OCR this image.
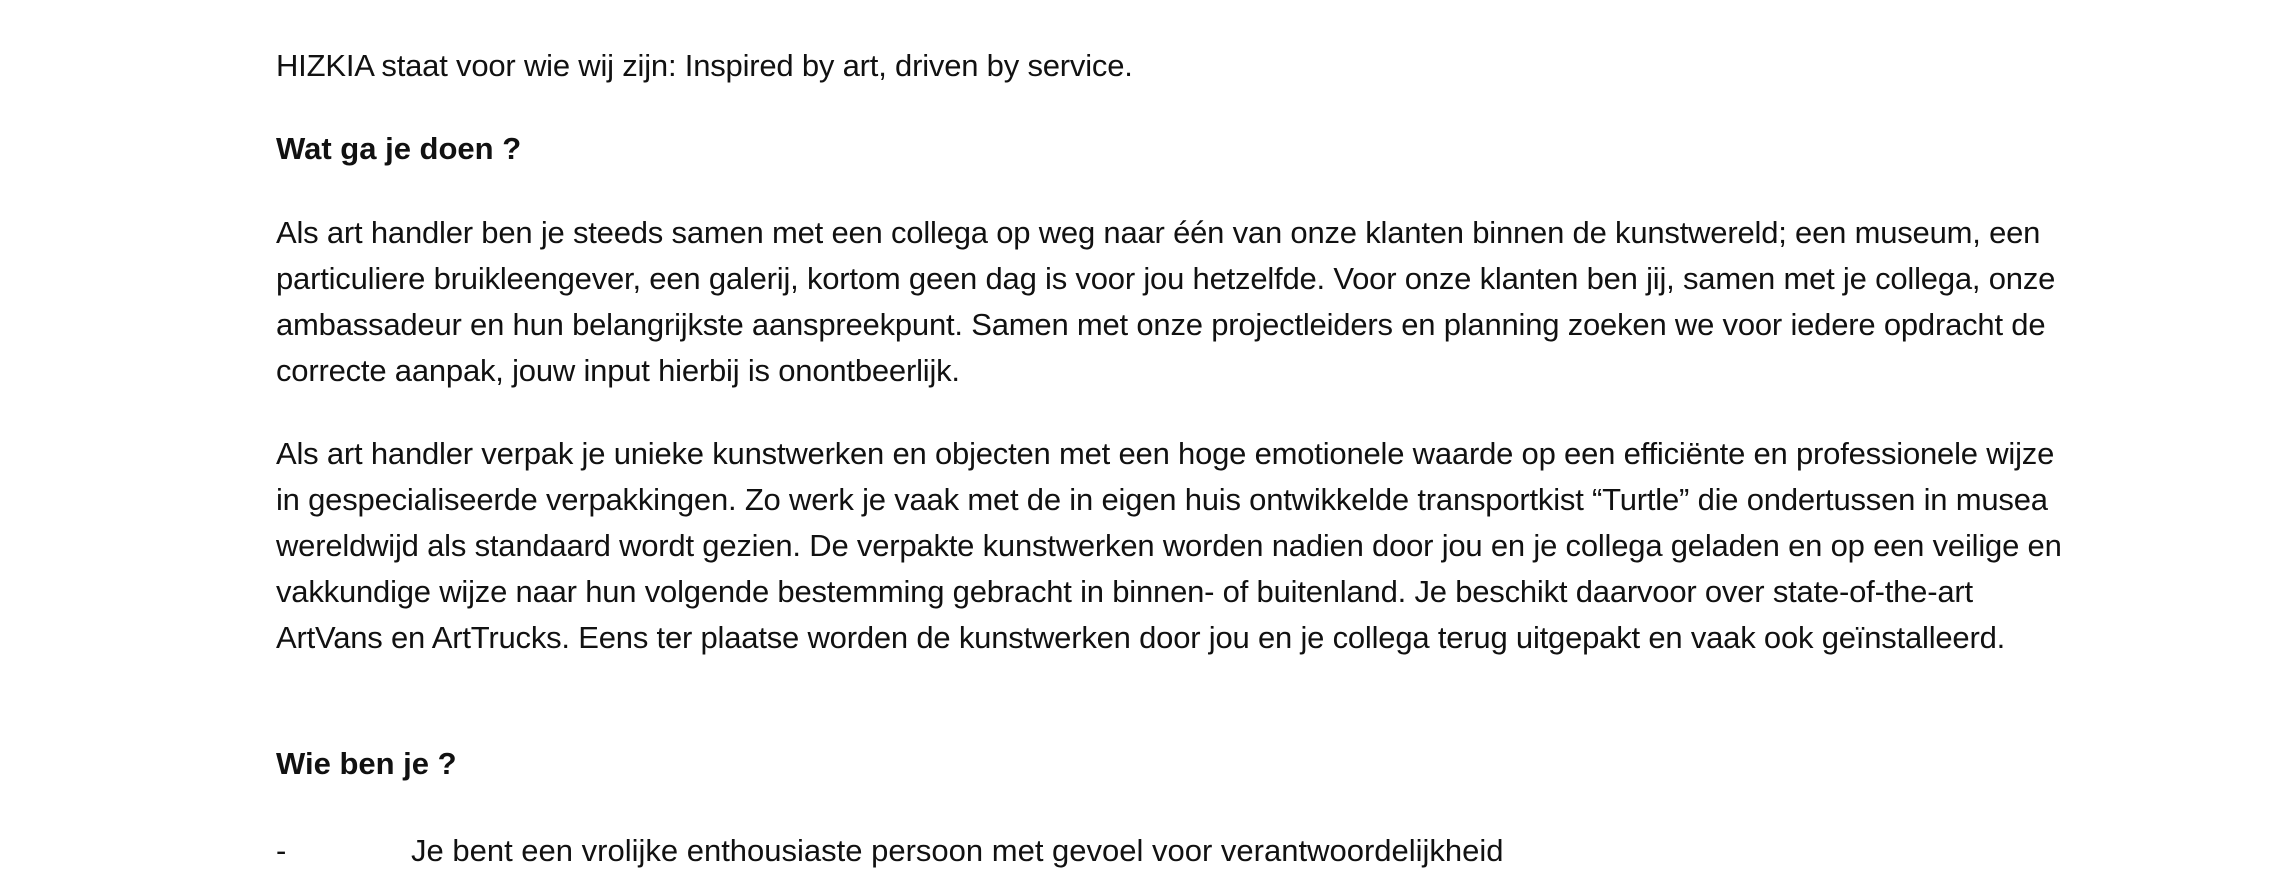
HIZKIA staat voor wie wij zijn: Inspired by art, driven by service.

Wat ga je doen ?

Als art handler ben je steeds samen met een collega op weg naar één van onze klanten binnen de kunstwereld; een museum, een particuliere bruikleengever, een galerij, kortom geen dag is voor jou hetzelfde. Voor onze klanten ben jij, samen met je collega, onze ambassadeur en hun belangrijkste aanspreekpunt. Samen met onze projectleiders en planning zoeken we voor iedere opdracht de correcte aanpak, jouw input hierbij is onontbeerlijk.

Als art handler verpak je unieke kunstwerken en objecten met een hoge emotionele waarde op een efficiënte en professionele wijze in gespecialiseerde verpakkingen. Zo werk je vaak met de in eigen huis ontwikkelde transportkist “Turtle” die ondertussen in musea wereldwijd als standaard wordt gezien. De verpakte kunstwerken worden nadien door jou en je collega geladen en op een veilige en vakkundige wijze naar hun volgende bestemming gebracht in binnen- of buitenland. Je beschikt daarvoor over state-of-the-art ArtVans en ArtTrucks. Eens ter plaatse worden de kunstwerken door jou en je collega terug uitgepakt en vaak ook geïnstalleerd.

Wie ben je ?
-	Je bent een vrolijke enthousiaste persoon met gevoel voor verantwoordelijkheid
